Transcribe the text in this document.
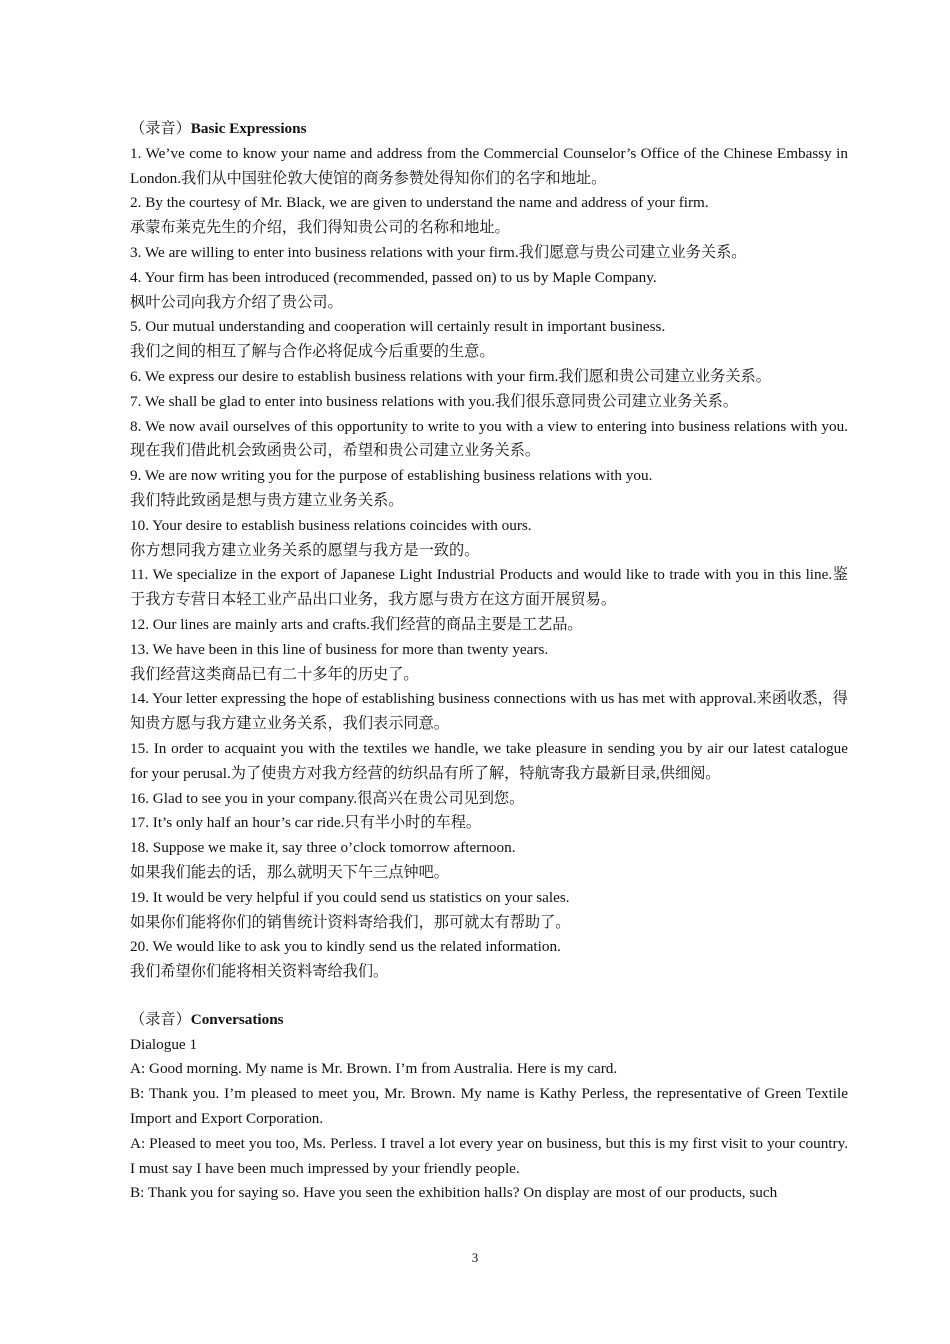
（录音）Basic Expressions

1. We’ve come to know your name and address from the Commercial Counselor’s Office of the Chinese Embassy in London.我们从中国驻伦敦大使馆的商务参赞处得知你们的名字和地址。

2. By the courtesy of Mr. Black, we are given to understand the name and address of your firm.

承蒙布莱克先生的介绍，我们得知贵公司的名称和地址。

3. We are willing to enter into business relations with your firm.我们愿意与贵公司建立业务关系。

4. Your firm has been introduced (recommended, passed on) to us by Maple Company.

枫叶公司向我方介绍了贵公司。

5. Our mutual understanding and cooperation will certainly result in important business.

我们之间的相互了解与合作必将促成今后重要的生意。

6. We express our desire to establish business relations with your firm.我们愿和贵公司建立业务关系。

7. We shall be glad to enter into business relations with you.我们很乐意同贵公司建立业务关系。

8. We now avail ourselves of this opportunity to write to you with a view to entering into business relations with you.现在我们借此机会致函贵公司，希望和贵公司建立业务关系。

9. We are now writing you for the purpose of establishing business relations with you.

我们特此致函是想与贵方建立业务关系。

10. Your desire to establish business relations coincides with ours.

你方想同我方建立业务关系的愿望与我方是一致的。

11. We specialize in the export of Japanese Light Industrial Products and would like to trade with you in this line.鉴于我方专营日本轻工业产品出口业务，我方愿与贵方在这方面开展贸易。

12. Our lines are mainly arts and crafts.我们经营的商品主要是工艺品。

13. We have been in this line of business for more than twenty years.

我们经营这类商品已有二十多年的历史了。

14. Your letter expressing the hope of establishing business connections with us has met with approval.来函收悉，得知贵方愿与我方建立业务关系，我们表示同意。

15. In order to acquaint you with the textiles we handle, we take pleasure in sending you by air our latest catalogue for your perusal.为了使贵方对我方经营的纺织品有所了解，特航寄我方最新目录,供细阅。

16. Glad to see you in your company.很高兴在贵公司见到您。

17. It’s only half an hour’s car ride.只有半小时的车程。

18. Suppose we make it, say three o’clock tomorrow afternoon.

如果我们能去的话，那么就明天下午三点钟吧。

19. It would be very helpful if you could send us statistics on your sales.

如果你们能将你们的销售统计资料寄给我们，那可就太有帮助了。

20. We would like to ask you to kindly send us the related information.

我们希望你们能将相关资料寄给我们。

（录音）Conversations

Dialogue 1

A: Good morning. My name is Mr. Brown. I’m from Australia. Here is my card.

B: Thank you. I’m pleased to meet you, Mr. Brown. My name is Kathy Perless, the representative of Green Textile Import and Export Corporation.

A: Pleased to meet you too, Ms. Perless. I travel a lot every year on business, but this is my first visit to your country. I must say I have been much impressed by your friendly people.

B: Thank you for saying so. Have you seen the exhibition halls? On display are most of our products, such

3
